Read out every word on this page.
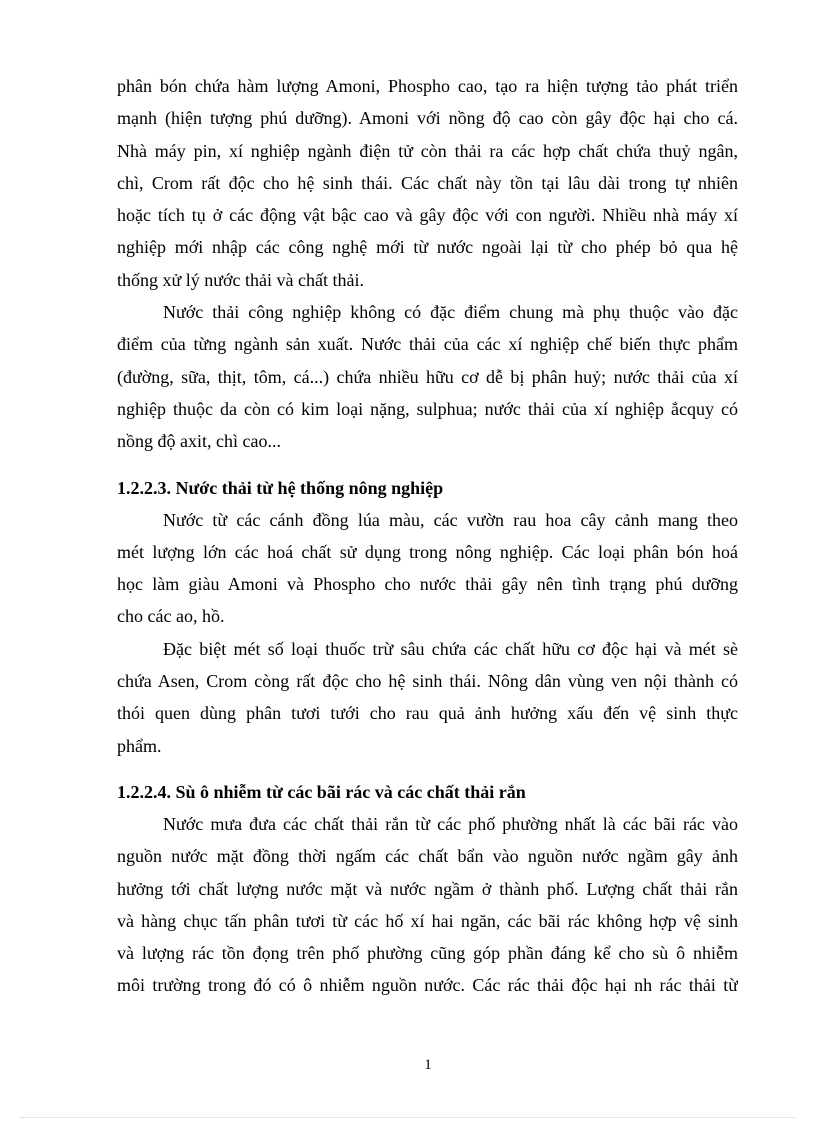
phân bón chứa hàm lượng Amoni, Phospho cao, tạo ra hiện tượng tảo phát triển
mạnh (hiện tượng phú dưỡng). Amoni với nồng độ cao còn gây độc hại cho cá.
Nhà máy pin, xí nghiệp ngành điện tử còn thải ra các hợp chất chứa thuỷ ngân,
chì, Crom rất độc cho hệ sinh thái. Các chất này tồn tại lâu dài trong tự nhiên
hoặc tích tụ ở các động vật bậc cao và gây độc với con người. Nhiều nhà máy xí
nghiệp mới nhập các công nghệ mới từ nước ngoài lại từ cho phép bỏ qua hệ
thống xử lý nước thải và chất thải.

Nước thải công nghiệp không có đặc điểm chung mà phụ thuộc vào đặc
điểm của từng ngành sản xuất. Nước thải của các xí nghiệp chế biến thực phẩm
(đường, sữa, thịt, tôm, cá...) chứa nhiều hữu cơ dễ bị phân huỷ; nước thải của xí
nghiệp thuộc da còn có kim loại nặng, sulphua; nước thải của xí nghiệp ắcquy có
nồng độ axit, chì cao...

1.2.2.3. Nước thải từ hệ thống nông nghiệp

Nước từ các cánh đồng lúa màu, các vườn rau hoa cây cảnh mang theo
mét lượng lớn các hoá chất sử dụng trong nông nghiệp. Các loại phân bón hoá
học làm giàu Amoni và Phospho cho nước thải gây nên tình trạng phú dưỡng
cho các ao, hồ.

Đặc biệt mét số loại thuốc trừ sâu chứa các chất hữu cơ độc hại và mét sè
chứa Asen, Crom còng rất độc cho hệ sinh thái. Nông dân vùng ven nội thành có
thói quen dùng phân tươi tưới cho rau quả ảnh hưởng xấu đến vệ sinh thực
phẩm.

1.2.2.4. Sù ô nhiễm từ các bãi rác và các chất thải rắn

Nước mưa đưa các chất thải rắn từ các phố phường nhất là các bãi rác vào
nguồn nước mặt đồng thời ngấm các chất bẩn vào nguồn nước ngầm gây ảnh
hưởng tới chất lượng nước mặt và nước ngầm ở thành phố. Lượng chất thải rắn
và hàng chục tấn phân tươi từ các hố xí hai ngăn, các bãi rác không hợp vệ sinh
và lượng rác tồn đọng trên phố phường cũng góp phần đáng kể cho sù ô nhiễm
môi trường trong đó có ô nhiễm nguồn nước. Các rác thải độc hại nh rác thải từ

1
